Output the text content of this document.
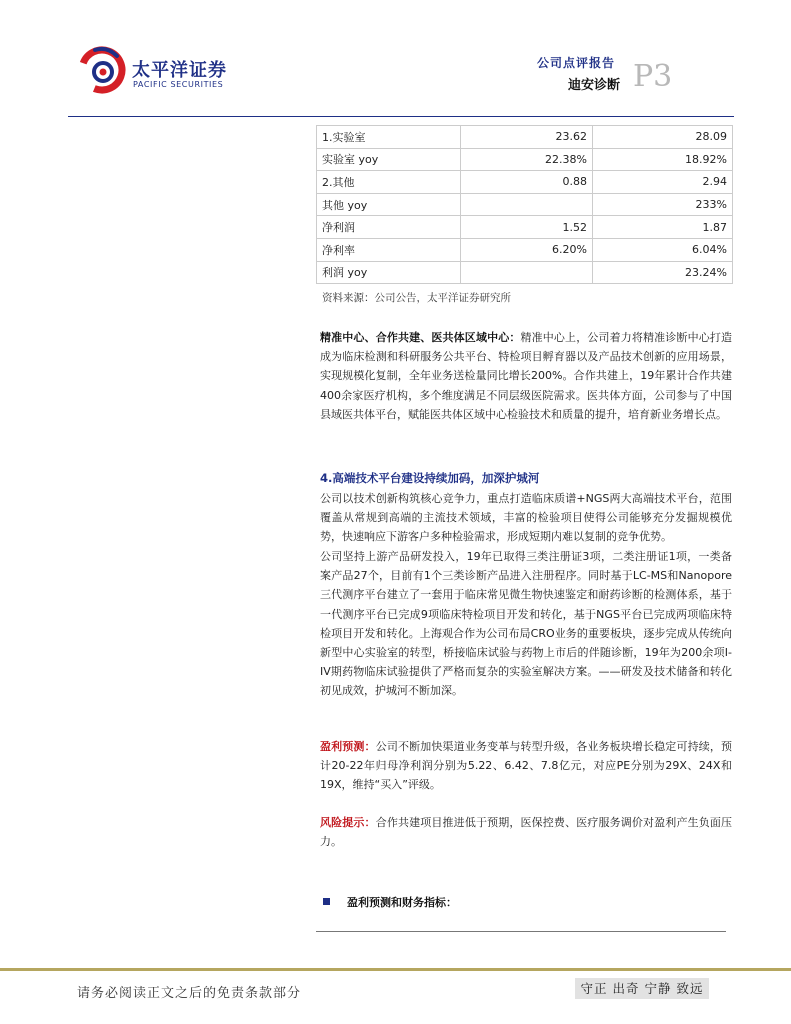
太平洋证券
PACIFIC SECURITIES
公司点评报告
迪安诊断 P3
1.实验室	23.62	28.09
实验室 yoy	22.38%	18.92%
2.其他	0.88	2.94
其他 yoy		233%
净利润	1.52	1.87
净利率	6.20%	6.04%
利润 yoy		23.24%
资料来源：公司公告，太平洋证券研究所
精准中心、合作共建、医共体区域中心：精准中心上，公司着力将精准诊断中心打造成为临床检测和科研服务公共平台、特检项目孵育器以及产品技术创新的应用场景，实现规模化复制，全年业务送检量同比增长200%。合作共建上，19年累计合作共建400余家医疗机构，多个维度满足不同层级医院需求。医共体方面，公司参与了中国县域医共体平台，赋能医共体区域中心检验技术和质量的提升，培育新业务增长点。
4.高端技术平台建设持续加码，加深护城河
公司以技术创新构筑核心竞争力，重点打造临床质谱+NGS两大高端技术平台，范围覆盖从常规到高端的主流技术领域，丰富的检验项目使得公司能够充分发掘规模优势，快速响应下游客户多种检验需求，形成短期内难以复制的竞争优势。
公司坚持上游产品研发投入，19年已取得三类注册证3项，二类注册证1项，一类备案产品27个，目前有1个三类诊断产品进入注册程序。同时基于LC-MS和Nanopore三代测序平台建立了一套用于临床常见微生物快速鉴定和耐药诊断的检测体系，基于一代测序平台已完成9项临床特检项目开发和转化，基于NGS平台已完成两项临床特检项目开发和转化。上海观合作为公司布局CRO业务的重要板块，逐步完成从传统向新型中心实验室的转型，桥接临床试验与药物上市后的伴随诊断，19年为200余项I-IV期药物临床试验提供了严格而复杂的实验室解决方案。——研发及技术储备和转化初见成效，护城河不断加深。
盈利预测：公司不断加快渠道业务变革与转型升级，各业务板块增长稳定可持续，预计20-22年归母净利润分别为5.22、6.42、7.8亿元，对应PE分别为29X、24X和19X，维持“买入”评级。
风险提示：合作共建项目推进低于预期，医保控费、医疗服务调价对盈利产生负面压力。
盈利预测和财务指标：
请务必阅读正文之后的免责条款部分	守正 出奇 宁静 致远
